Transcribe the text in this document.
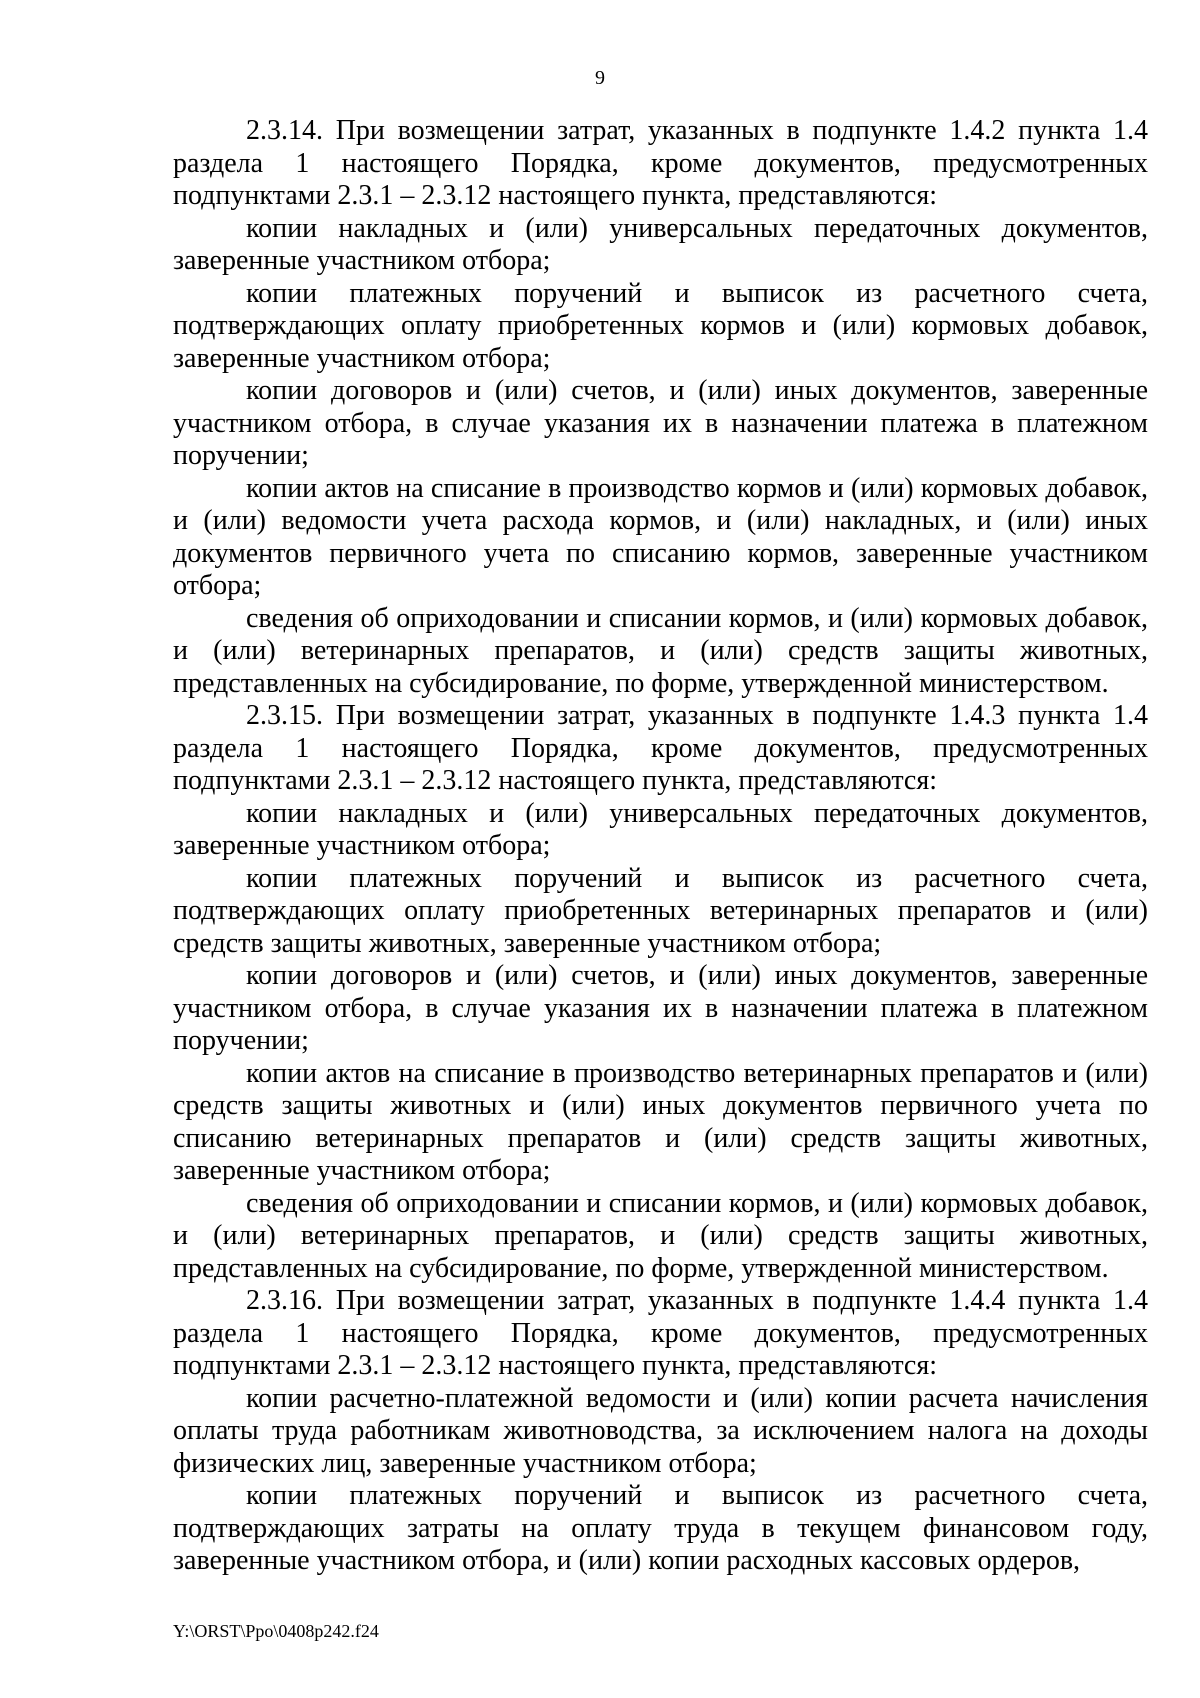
9

2.3.14. При возмещении затрат, указанных в подпункте 1.4.2 пункта 1.4 раздела 1 настоящего Порядка, кроме документов, предусмотренных подпунктами 2.3.1 – 2.3.12 настоящего пункта, представляются:

копии накладных и (или) универсальных передаточных документов, заверенные участником отбора;

копии платежных поручений и выписок из расчетного счета, подтверждающих оплату приобретенных кормов и (или) кормовых добавок, заверенные участником отбора;

копии договоров и (или) счетов, и (или) иных документов, заверенные участником отбора, в случае указания их в назначении платежа в платежном поручении;

копии актов на списание в производство кормов и (или) кормовых добавок, и (или) ведомости учета расхода кормов, и (или) накладных, и (или) иных документов первичного учета по списанию кормов, заверенные участником отбора;

сведения об оприходовании и списании кормов, и (или) кормовых добавок, и (или) ветеринарных препаратов, и (или) средств защиты животных, представленных на субсидирование, по форме, утвержденной министерством.

2.3.15. При возмещении затрат, указанных в подпункте 1.4.3 пункта 1.4 раздела 1 настоящего Порядка, кроме документов, предусмотренных подпунктами 2.3.1 – 2.3.12 настоящего пункта, представляются:

копии накладных и (или) универсальных передаточных документов, заверенные участником отбора;

копии платежных поручений и выписок из расчетного счета, подтверждающих оплату приобретенных ветеринарных препаратов и (или) средств защиты животных, заверенные участником отбора;

копии договоров и (или) счетов, и (или) иных документов, заверенные участником отбора, в случае указания их в назначении платежа в платежном поручении;

копии актов на списание в производство ветеринарных препаратов и (или) средств защиты животных и (или) иных документов первичного учета по списанию ветеринарных препаратов и (или) средств защиты животных, заверенные участником отбора;

сведения об оприходовании и списании кормов, и (или) кормовых добавок, и (или) ветеринарных препаратов, и (или) средств защиты животных, представленных на субсидирование, по форме, утвержденной министерством.

2.3.16. При возмещении затрат, указанных в подпункте 1.4.4 пункта 1.4 раздела 1 настоящего Порядка, кроме документов, предусмотренных подпунктами 2.3.1 – 2.3.12 настоящего пункта, представляются:

копии расчетно-платежной ведомости и (или) копии расчета начисления оплаты труда работникам животноводства, за исключением налога на доходы физических лиц, заверенные участником отбора;

копии платежных поручений и выписок из расчетного счета, подтверждающих затраты на оплату труда в текущем финансовом году, заверенные участником отбора, и (или) копии расходных кассовых ордеров,

Y:\ORST\Ppo\0408p242.f24
